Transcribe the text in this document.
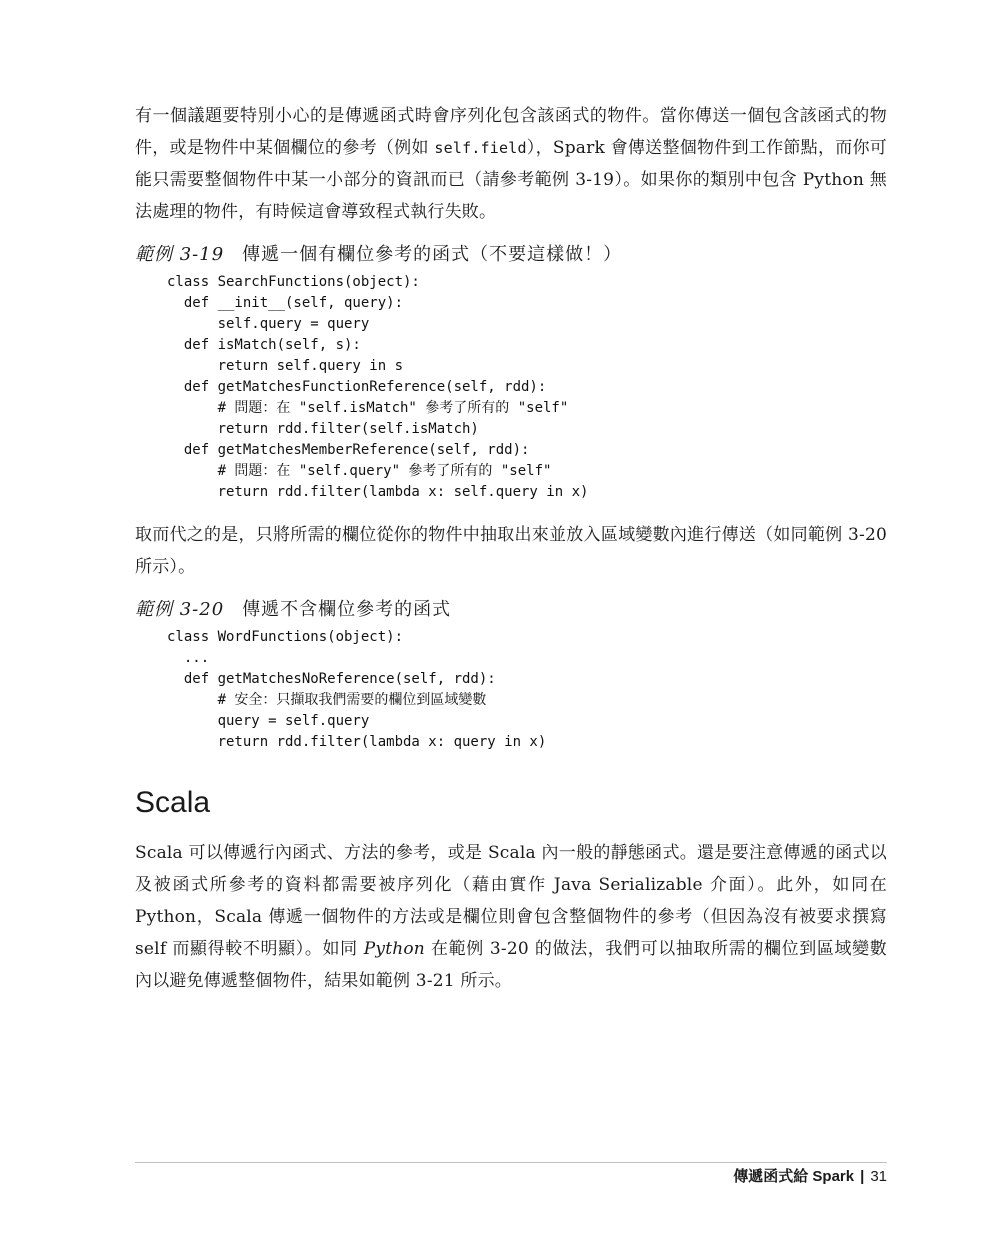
有一個議題要特別小心的是傳遞函式時會序列化包含該函式的物件。當你傳送一個包含該函式的物件，或是物件中某個欄位的參考（例如 self.field），Spark 會傳送整個物件到工作節點，而你可能只需要整個物件中某一小部分的資訊而已（請參考範例 3-19）。如果你的類別中包含 Python 無法處理的物件，有時候這會導致程式執行失敗。

範例 3-19 傳遞一個有欄位參考的函式（不要這樣做！）
class SearchFunctions(object):
def __init__(self, query):
self.query = query
def isMatch(self, s):
return self.query in s
def getMatchesFunctionReference(self, rdd):
# 問題：在 "self.isMatch" 參考了所有的 "self"
return rdd.filter(self.isMatch)
def getMatchesMemberReference(self, rdd):
# 問題：在 "self.query" 參考了所有的 "self"
return rdd.filter(lambda x: self.query in x)

取而代之的是，只將所需的欄位從你的物件中抽取出來並放入區域變數內進行傳送（如同範例 3-20 所示）。

範例 3-20 傳遞不含欄位參考的函式
class WordFunctions(object):
...
def getMatchesNoReference(self, rdd):
# 安全：只擷取我們需要的欄位到區域變數
query = self.query
return rdd.filter(lambda x: query in x)
Scala

Scala 可以傳遞行內函式、方法的參考，或是 Scala 內一般的靜態函式。還是要注意傳遞的函式以及被函式所參考的資料都需要被序列化（藉由實作 Java Serializable 介面）。此外，如同在 Python，Scala 傳遞一個物件的方法或是欄位則會包含整個物件的參考（但因為沒有被要求撰寫 self 而顯得較不明顯）。如同 Python 在範例 3-20 的做法，我們可以抽取所需的欄位到區域變數內以避免傳遞整個物件，結果如範例 3-21 所示。

傳遞函式給 Spark | 31
